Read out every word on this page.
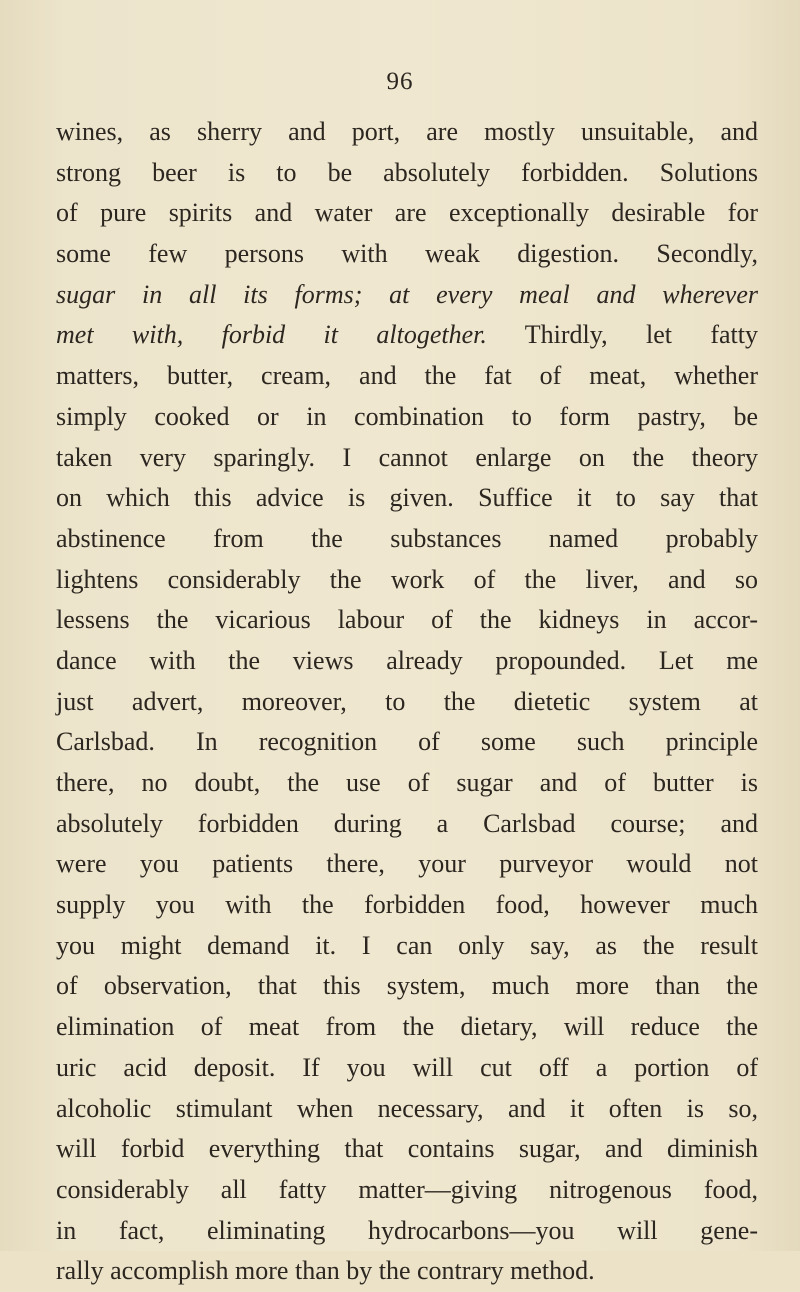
96
wines, as sherry and port, are mostly unsuitable, and
strong beer is to be absolutely forbidden. Solutions
of pure spirits and water are exceptionally desirable for
some few persons with weak digestion. Secondly,
sugar in all its forms; at every meal and wherever
met with, forbid it altogether. Thirdly, let fatty
matters, butter, cream, and the fat of meat, whether
simply cooked or in combination to form pastry, be
taken very sparingly. I cannot enlarge on the theory
on which this advice is given. Suffice it to say that
abstinence from the substances named probably
lightens considerably the work of the liver, and so
lessens the vicarious labour of the kidneys in accor-
dance with the views already propounded. Let me
just advert, moreover, to the dietetic system at
Carlsbad. In recognition of some such principle
there, no doubt, the use of sugar and of butter is
absolutely forbidden during a Carlsbad course; and
were you patients there, your purveyor would not
supply you with the forbidden food, however much
you might demand it. I can only say, as the result
of observation, that this system, much more than the
elimination of meat from the dietary, will reduce the
uric acid deposit. If you will cut off a portion of
alcoholic stimulant when necessary, and it often is so,
will forbid everything that contains sugar, and diminish
considerably all fatty matter—giving nitrogenous food,
in fact, eliminating hydrocarbons—you will gene-
rally accomplish more than by the contrary method.
